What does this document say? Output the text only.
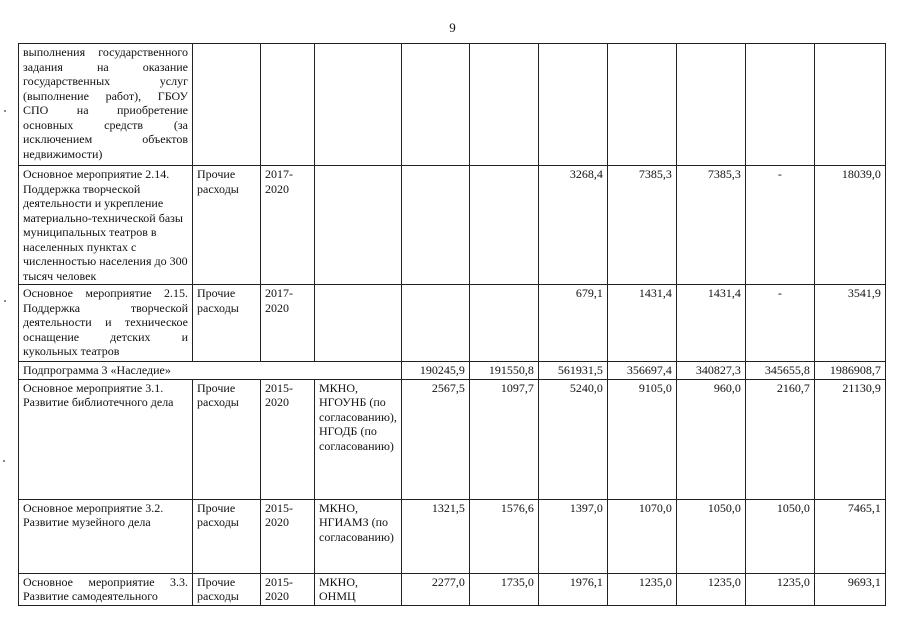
9
выполнения государственного задания на оказание государственных услуг (выполнение работ), ГБОУ СПО на приобретение основных средств (за исключением объектов недвижимости)										
Основное мероприятие 2.14. Поддержка творческой деятельности и укрепление материально-технической базы муниципальных театров в населенных пунктах с численностью населения до 300 тысяч человек	Прочие расходы	2017-2020				3268,4	7385,3	7385,3	-	18039,0
Основное мероприятие 2.15. Поддержка творческой деятельности и техническое оснащение детских и кукольных театров	Прочие расходы	2017-2020				679,1	1431,4	1431,4	-	3541,9
Подпрограмма 3 «Наследие»				190245,9	191550,8	561931,5	356697,4	340827,3	345655,8	1986908,7
Основное мероприятие 3.1. Развитие библиотечного дела	Прочие расходы	2015-2020	МКНО, НГОУНБ (по согласованию), НГОДБ (по согласованию)	2567,5	1097,7	5240,0	9105,0	960,0	2160,7	21130,9
Основное мероприятие 3.2. Развитие музейного дела	Прочие расходы	2015-2020	МКНО, НГИАМЗ (по согласованию)	1321,5	1576,6	1397,0	1070,0	1050,0	1050,0	7465,1
Основное мероприятие 3.3. Развитие самодеятельного	Прочие расходы	2015-2020	МКНО, ОНМЦ	2277,0	1735,0	1976,1	1235,0	1235,0	1235,0	9693,1
